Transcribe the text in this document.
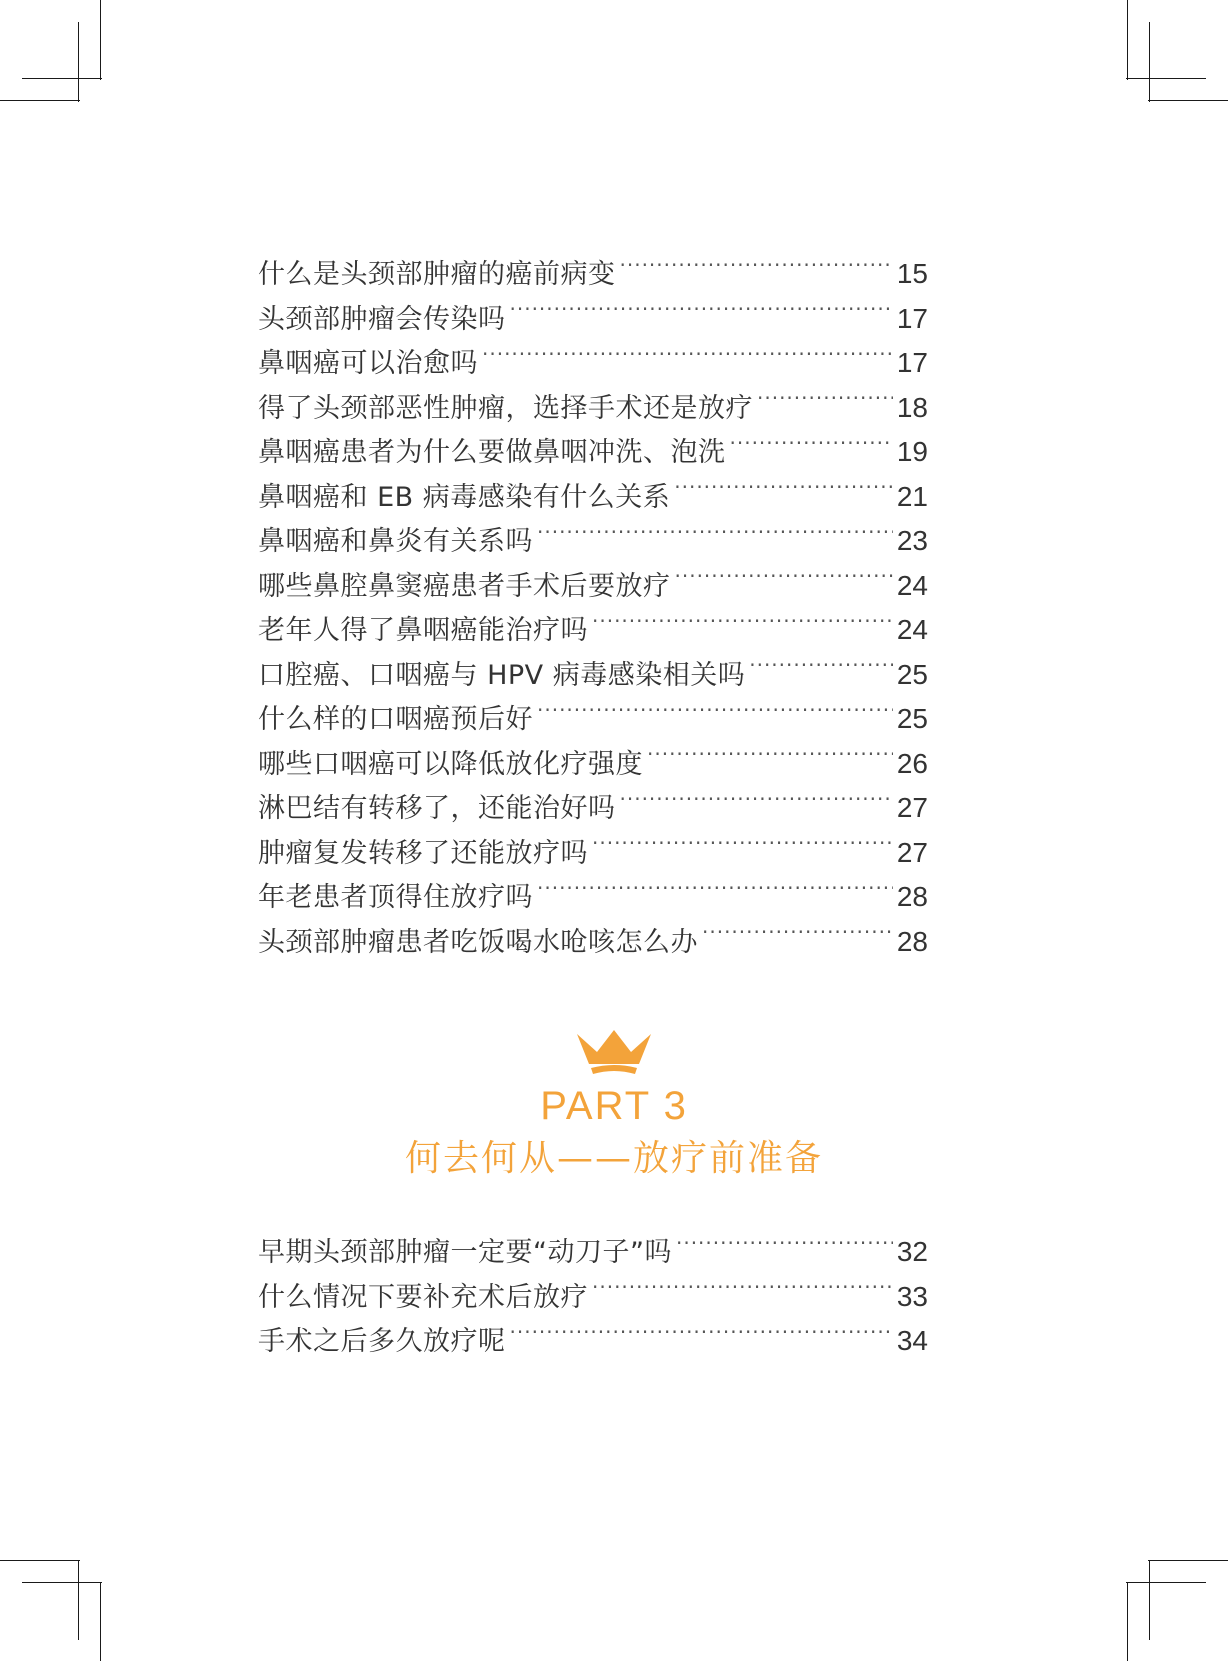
什么是头颈部肿瘤的癌前病变 ·····	15
头颈部肿瘤会传染吗 ·····	17
鼻咽癌可以治愈吗 ·····	17
得了头颈部恶性肿瘤，选择手术还是放疗 ·····	18
鼻咽癌患者为什么要做鼻咽冲洗、泡洗 ·····	19
鼻咽癌和 EB 病毒感染有什么关系 ·····	21
鼻咽癌和鼻炎有关系吗 ·····	23
哪些鼻腔鼻窦癌患者手术后要放疗 ·····	24
老年人得了鼻咽癌能治疗吗 ·····	24
口腔癌、口咽癌与 HPV 病毒感染相关吗 ·····	25
什么样的口咽癌预后好 ·····	25
哪些口咽癌可以降低放化疗强度 ·····	26
淋巴结有转移了，还能治好吗 ·····	27
肿瘤复发转移了还能放疗吗 ·····	27
年老患者顶得住放疗吗 ·····	28
头颈部肿瘤患者吃饭喝水呛咳怎么办 ·····	28
PART 3
何去何从——放疗前准备
早期头颈部肿瘤一定要“动刀子”吗 ·····	32
什么情况下要补充术后放疗 ·····	33
手术之后多久放疗呢 ·····	34
